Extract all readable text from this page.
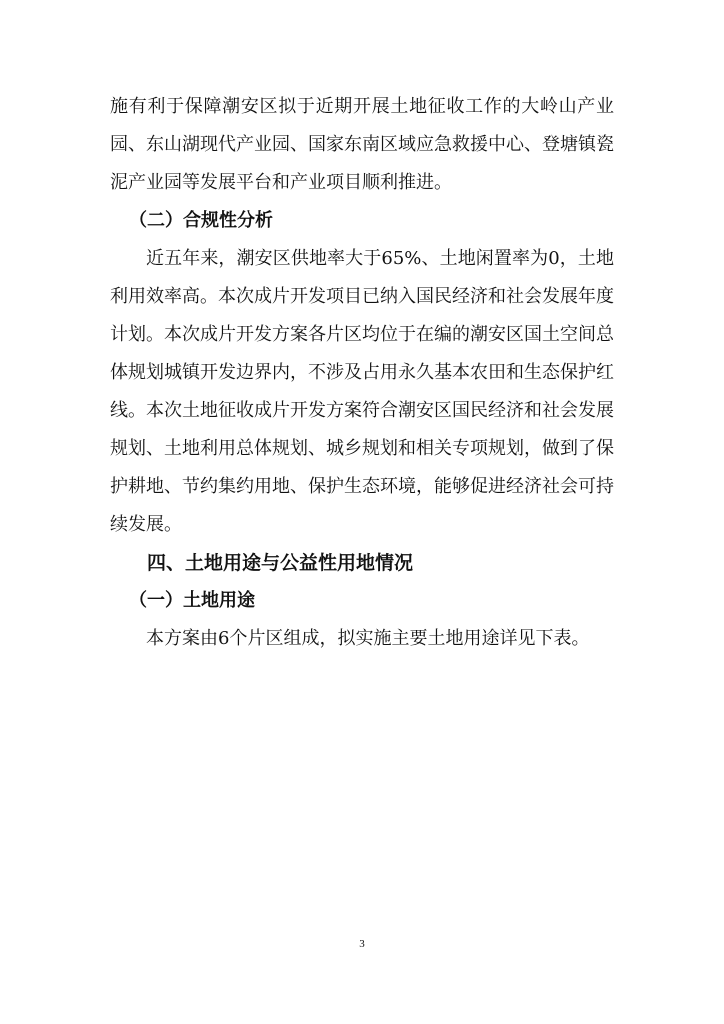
施有利于保障潮安区拟于近期开展土地征收工作的大岭山产业
园、东山湖现代产业园、国家东南区域应急救援中心、登塘镇瓷
泥产业园等发展平台和产业项目顺利推进。
（二）合规性分析
近五年来，潮安区供地率大于65%、土地闲置率为0，土地
利用效率高。本次成片开发项目已纳入国民经济和社会发展年度
计划。本次成片开发方案各片区均位于在编的潮安区国土空间总
体规划城镇开发边界内，不涉及占用永久基本农田和生态保护红
线。本次土地征收成片开发方案符合潮安区国民经济和社会发展
规划、土地利用总体规划、城乡规划和相关专项规划，做到了保
护耕地、节约集约用地、保护生态环境，能够促进经济社会可持
续发展。
四、土地用途与公益性用地情况
（一）土地用途
本方案由6个片区组成，拟实施主要土地用途详见下表。
3
